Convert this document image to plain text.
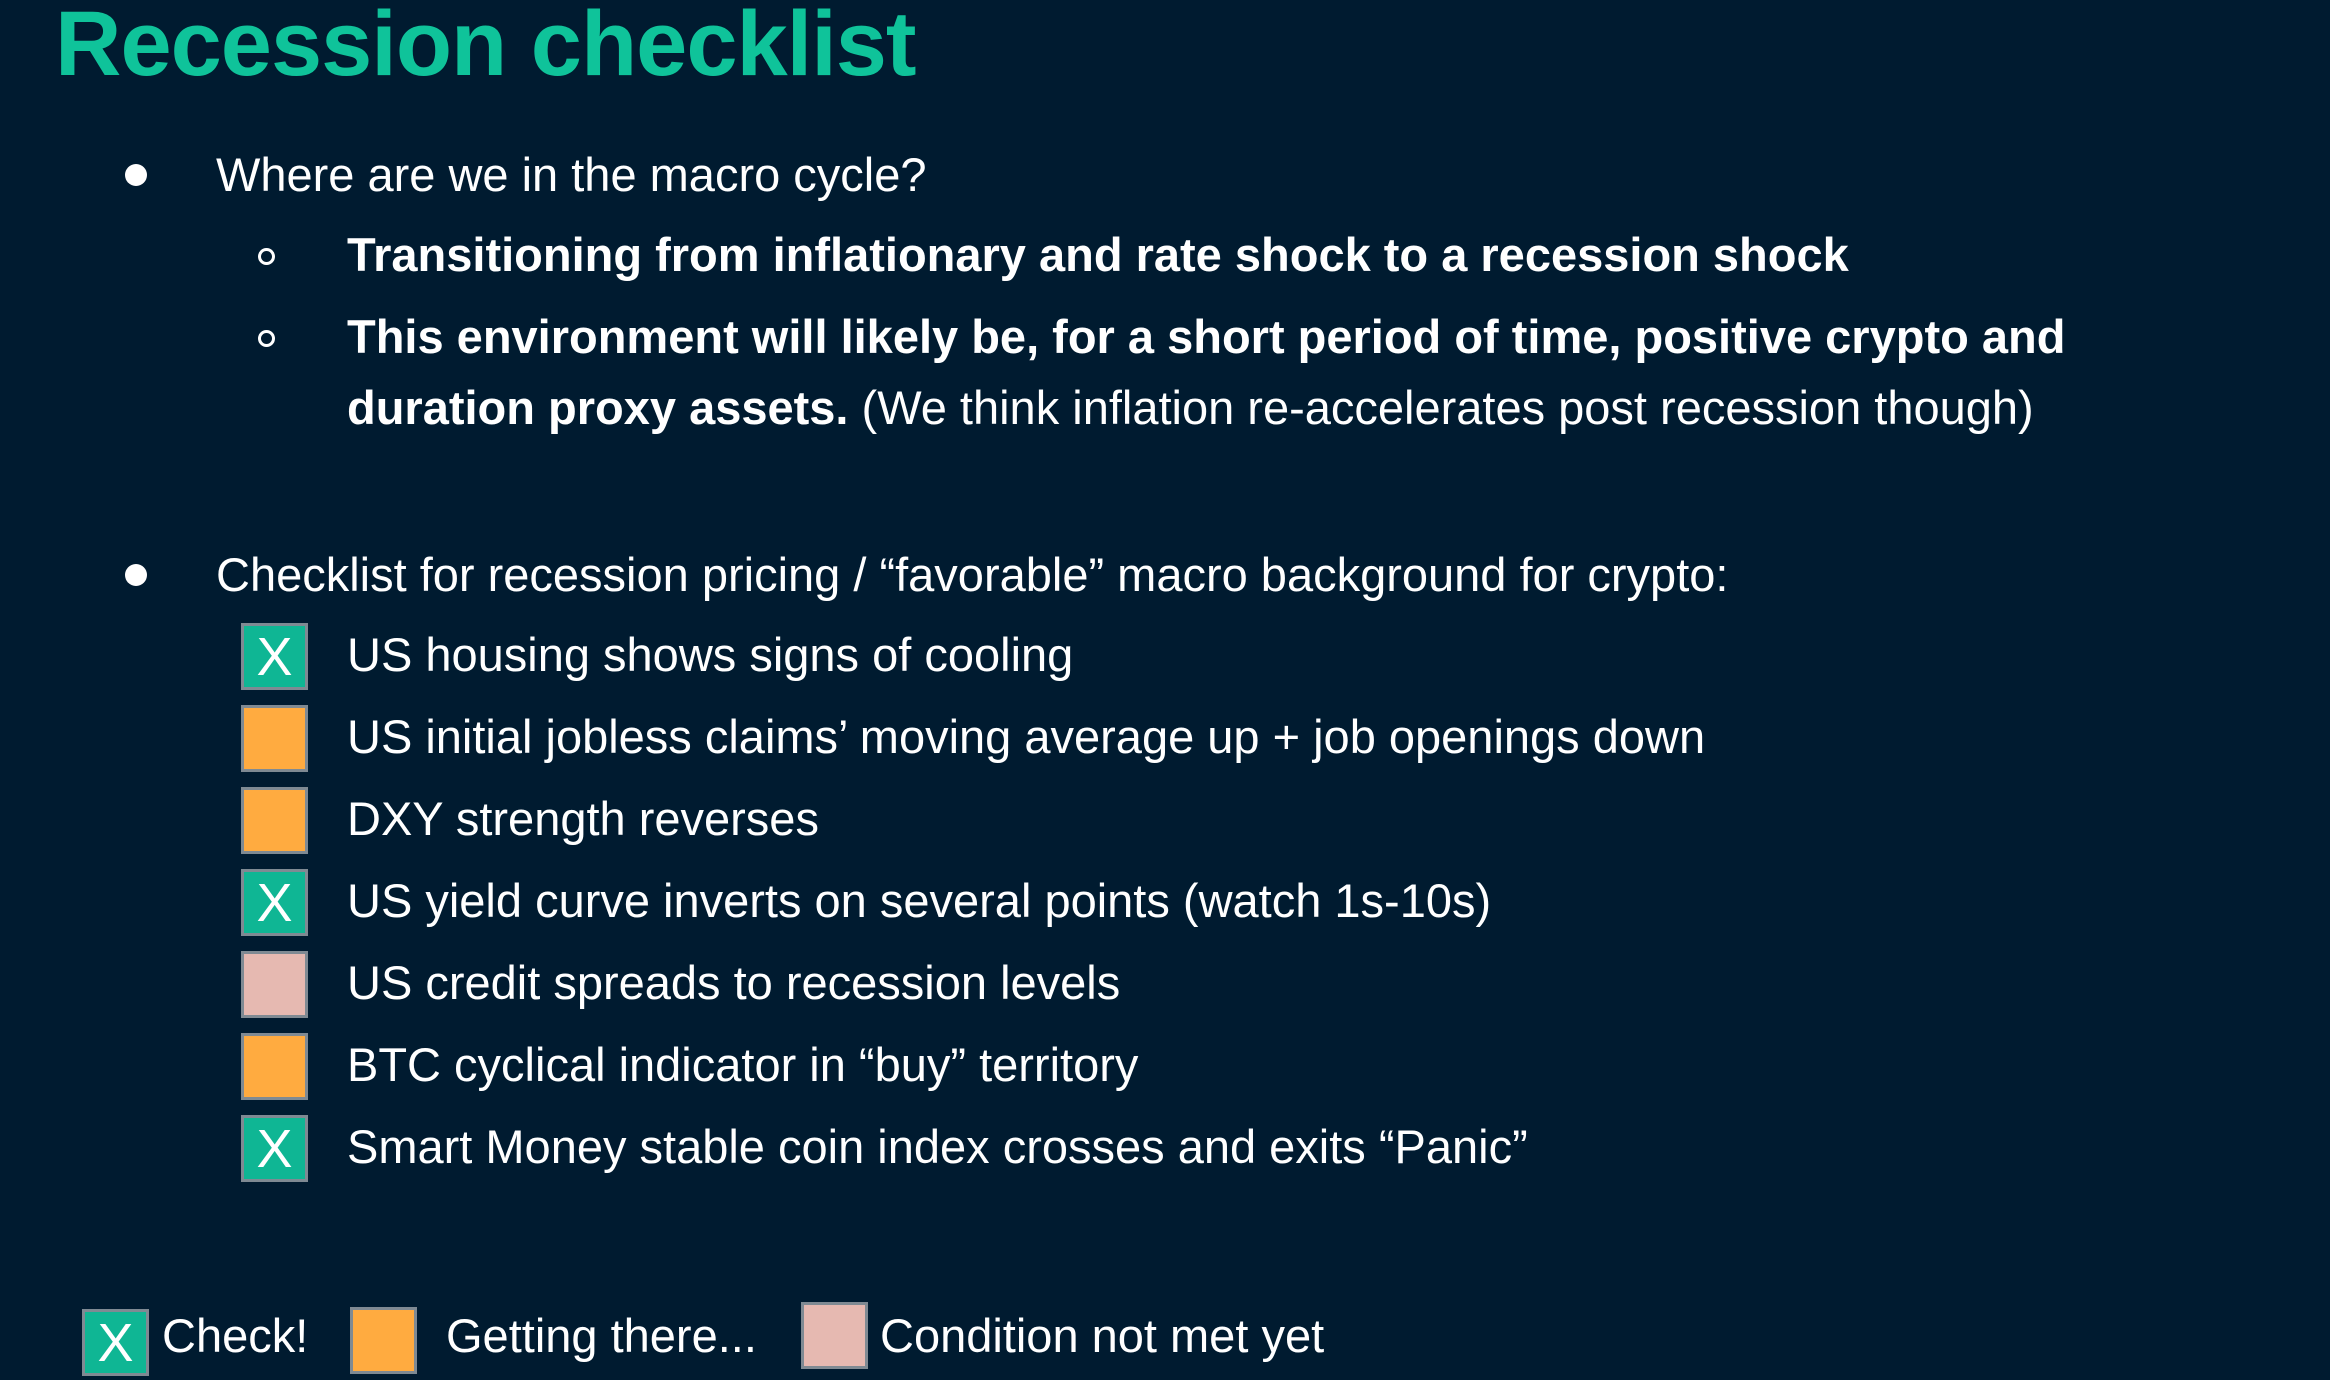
Recession checklist
Where are we in the macro cycle?
Transitioning from inflationary and rate shock to a recession shock
This environment will likely be, for a short period of time, positive crypto and
duration proxy assets. (We think inflation re-accelerates post recession though)
Checklist for recession pricing / “favorable” macro background for crypto:
X	US housing shows signs of cooling
US initial jobless claims’ moving average up + job openings down
DXY strength reverses
X	US yield curve inverts on several points (watch 1s-10s)
US credit spreads to recession levels
BTC cyclical indicator in “buy” territory
X	Smart Money stable coin index crosses and exits “Panic”
X Check!	Getting there...	Condition not met yet
